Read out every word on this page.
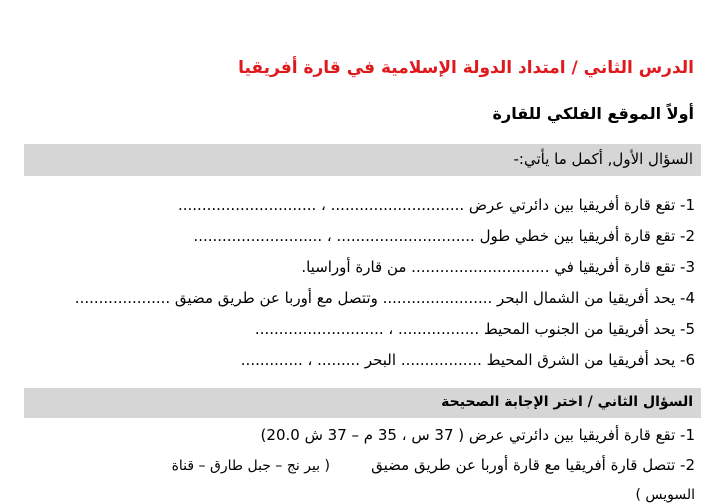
الدرس الثاني / امتداد الدولة الإسلامية في قارة أفريقيا
أولاً الموقع الفلكي للقارة
السؤال الأول, أكمل ما يأتي:-
1- تقع قارة أفريقيا بين دائرتي عرض ............................ ، .............................
2- تقع قارة أفريقيا بين خطي طول ............................. ، ...........................
3- تقع قارة أفريقيا في ............................. من قارة أوراسيا.
4- يحد أفريقيا من الشمال البحر ....................... وتتصل مع أوربا عن طريق مضيق ....................
5- يحد أفريقيا من الجنوب المحيط ................. ، ...........................
6- يحد أفريقيا من الشرق المحيط ................. البحر ......... ، .............
السؤال الثاني / اختر الإجابة الصحيحة
1- تقع قارة أفريقيا بين دائرتي عرض ( 37 س ، 35 م – 37 ش 20.0)
2- تتصل قارة أفريقيا مع قارة أوربا عن طريق مضيق
( بير نج – جبل طارق – قناة
السويس )
